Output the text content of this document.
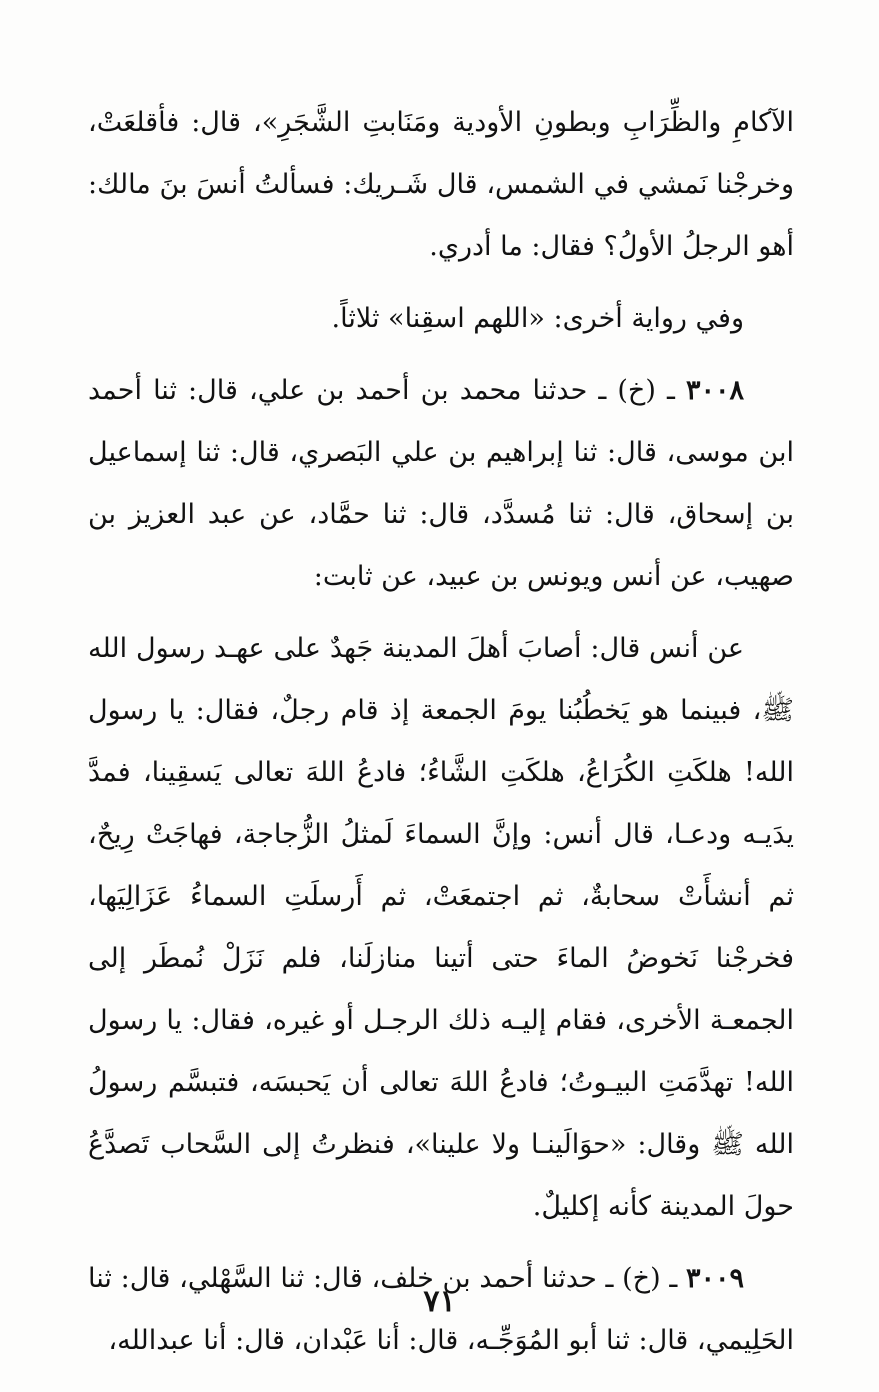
الآكامِ والظِّرَابِ وبطونِ الأودية ومَنَابتِ الشَّجَرِ»، قال: فأقلعَتْ، وخرجْنا نَمشي في الشمس، قال شَـريك: فسألتُ أنسَ بنَ مالك: أهو الرجلُ الأولُ؟ فقال: ما أدري.

وفي رواية أخرى: «اللهم اسقِنا» ثلاثاً.

٣٠٠٨ ـ (خ) ـ حدثنا محمد بن أحمد بن علي، قال: ثنا أحمد ابن موسى، قال: ثنا إبراهيم بن علي البَصري، قال: ثنا إسماعيل بن إسحاق، قال: ثنا مُسدَّد، قال: ثنا حمَّاد، عن عبد العزيز بن صهيب، عن أنس ويونس بن عبيد، عن ثابت:

عن أنس قال: أصابَ أهلَ المدينة جَهدٌ على عهـد رسول الله ﷺ، فبينما هو يَخطُبُنا يومَ الجمعة إذ قام رجلٌ، فقال: يا رسول الله! هلكَتِ الكُرَاعُ، هلكَتِ الشَّاءُ؛ فادعُ اللهَ تعالى يَسقِينا، فمدَّ يدَيـه ودعـا، قال أنس: وإنَّ السماءَ لَمثلُ الزُّجاجة، فهاجَتْ رِيحٌ، ثم أنشأَتْ سحابةٌ، ثم اجتمعَتْ، ثم أَرسلَتِ السماءُ عَزَالِيَها، فخرجْنا نَخوضُ الماءَ حتى أتينا منازلَنا، فلم نَزَلْ نُمطَر إلى الجمعـة الأخرى، فقام إليـه ذلك الرجـل أو غيره، فقال: يا رسول الله! تهدَّمَتِ البيـوتُ؛ فادعُ اللهَ تعالى أن يَحبسَه، فتبسَّم رسولُ الله ﷺ وقال: «حوَالَينـا ولا علينا»، فنظرتُ إلى السَّحاب تَصدَّعُ حولَ المدينة كأنه إكليلٌ.

٣٠٠٩ ـ (خ) ـ حدثنا أحمد بن خلف، قال: ثنا السَّهْلي، قال: ثنا الحَلِيمي، قال: ثنا أبو المُوَجِّـه، قال: أنا عَبْدان، قال: أنا عبدالله،

٧١
